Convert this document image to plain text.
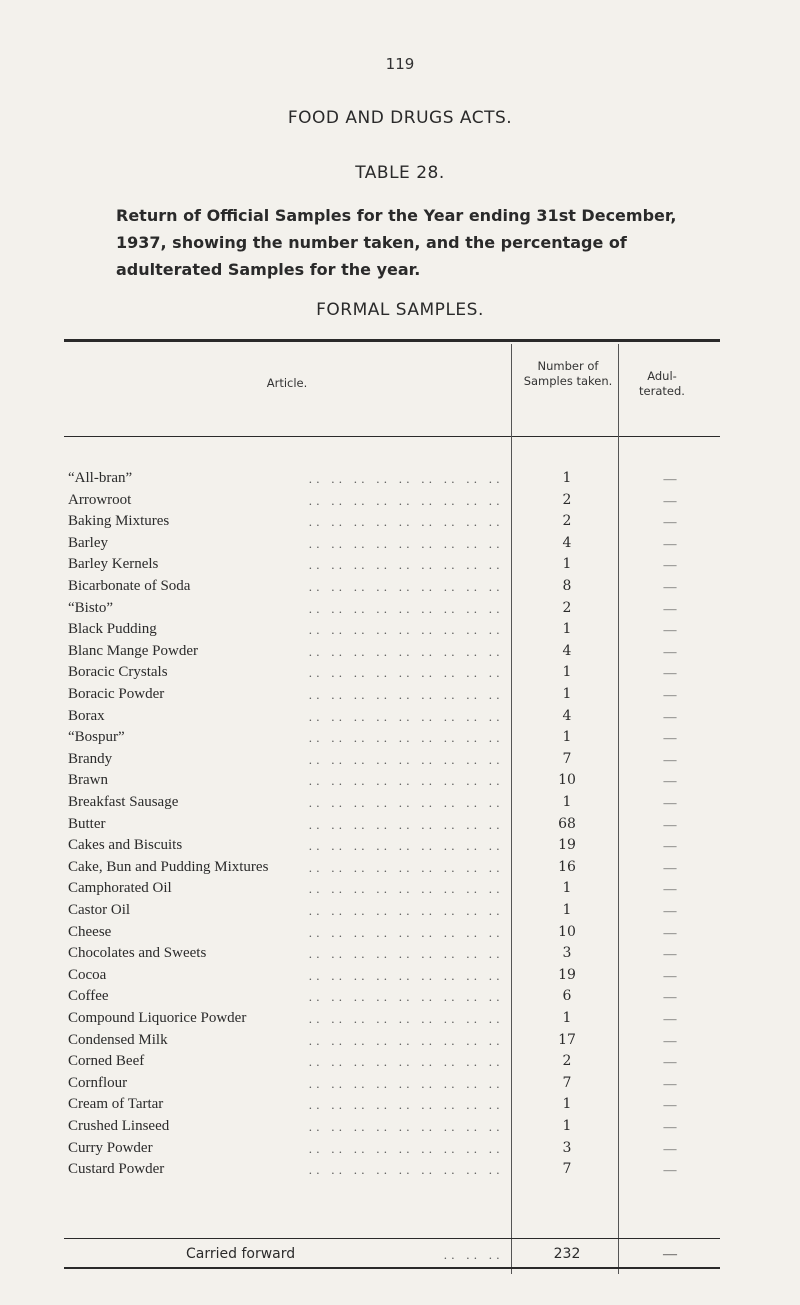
119
FOOD AND DRUGS ACTS.
TABLE 28.
Return of Official Samples for the Year ending 31st December, 1937, showing the number taken, and the percentage of adulterated Samples for the year.
FORMAL SAMPLES.
Article.
Number of Samples taken.	Adul- terated.
. .   . .   . .   . .   . .   . .   . .   . .   . .
“All-bran”	1	—
. .   . .   . .   . .   . .   . .   . .   . .   . .
Arrowroot	2	—
. .   . .   . .   . .   . .   . .   . .   . .   . .
Baking Mixtures	2	—
. .   . .   . .   . .   . .   . .   . .   . .   . .
Barley	4	—
. .   . .   . .   . .   . .   . .   . .   . .   . .
Barley Kernels	1	—
. .   . .   . .   . .   . .   . .   . .   . .   . .
Bicarbonate of Soda	8	—
. .   . .   . .   . .   . .   . .   . .   . .   . .
“Bisto”	2	—
. .   . .   . .   . .   . .   . .   . .   . .   . .
Black Pudding	1	—
. .   . .   . .   . .   . .   . .   . .   . .   . .
Blanc Mange Powder	4	—
. .   . .   . .   . .   . .   . .   . .   . .   . .
Boracic Crystals	1	—
. .   . .   . .   . .   . .   . .   . .   . .   . .
Boracic Powder	1	—
. .   . .   . .   . .   . .   . .   . .   . .   . .
Borax	4	—
. .   . .   . .   . .   . .   . .   . .   . .   . .
“Bospur”	1	—
. .   . .   . .   . .   . .   . .   . .   . .   . .
Brandy	7	—
. .   . .   . .   . .   . .   . .   . .   . .   . .
Brawn	10	—
. .   . .   . .   . .   . .   . .   . .   . .   . .
Breakfast Sausage	1	—
. .   . .   . .   . .   . .   . .   . .   . .   . .
Butter	68	—
. .   . .   . .   . .   . .   . .   . .   . .   . .
Cakes and Biscuits	19	—
. .   . .   . .   . .   . .   . .   . .   . .   . .
Cake, Bun and Pudding Mixtures	16	—
. .   . .   . .   . .   . .   . .   . .   . .   . .
Camphorated Oil	1	—
. .   . .   . .   . .   . .   . .   . .   . .   . .
Castor Oil	1	—
. .   . .   . .   . .   . .   . .   . .   . .   . .
Cheese	10	—
. .   . .   . .   . .   . .   . .   . .   . .   . .
Chocolates and Sweets	3	—
. .   . .   . .   . .   . .   . .   . .   . .   . .
Cocoa	19	—
. .   . .   . .   . .   . .   . .   . .   . .   . .
Coffee	6	—
. .   . .   . .   . .   . .   . .   . .   . .   . .
Compound Liquorice Powder	1	—
. .   . .   . .   . .   . .   . .   . .   . .   . .
Condensed Milk	17	—
. .   . .   . .   . .   . .   . .   . .   . .   . .
Corned Beef	2	—
. .   . .   . .   . .   . .   . .   . .   . .   . .
Cornflour	7	—
. .   . .   . .   . .   . .   . .   . .   . .   . .
Cream of Tartar	1	—
. .   . .   . .   . .   . .   . .   . .   . .   . .
Crushed Linseed	1	—
. .   . .   . .   . .   . .   . .   . .   . .   . .
Curry Powder	3	—
. .   . .   . .   . .   . .   . .   . .   . .   . .
Custard Powder	7	—
Carried forward	. .   . .   . .	232	—
